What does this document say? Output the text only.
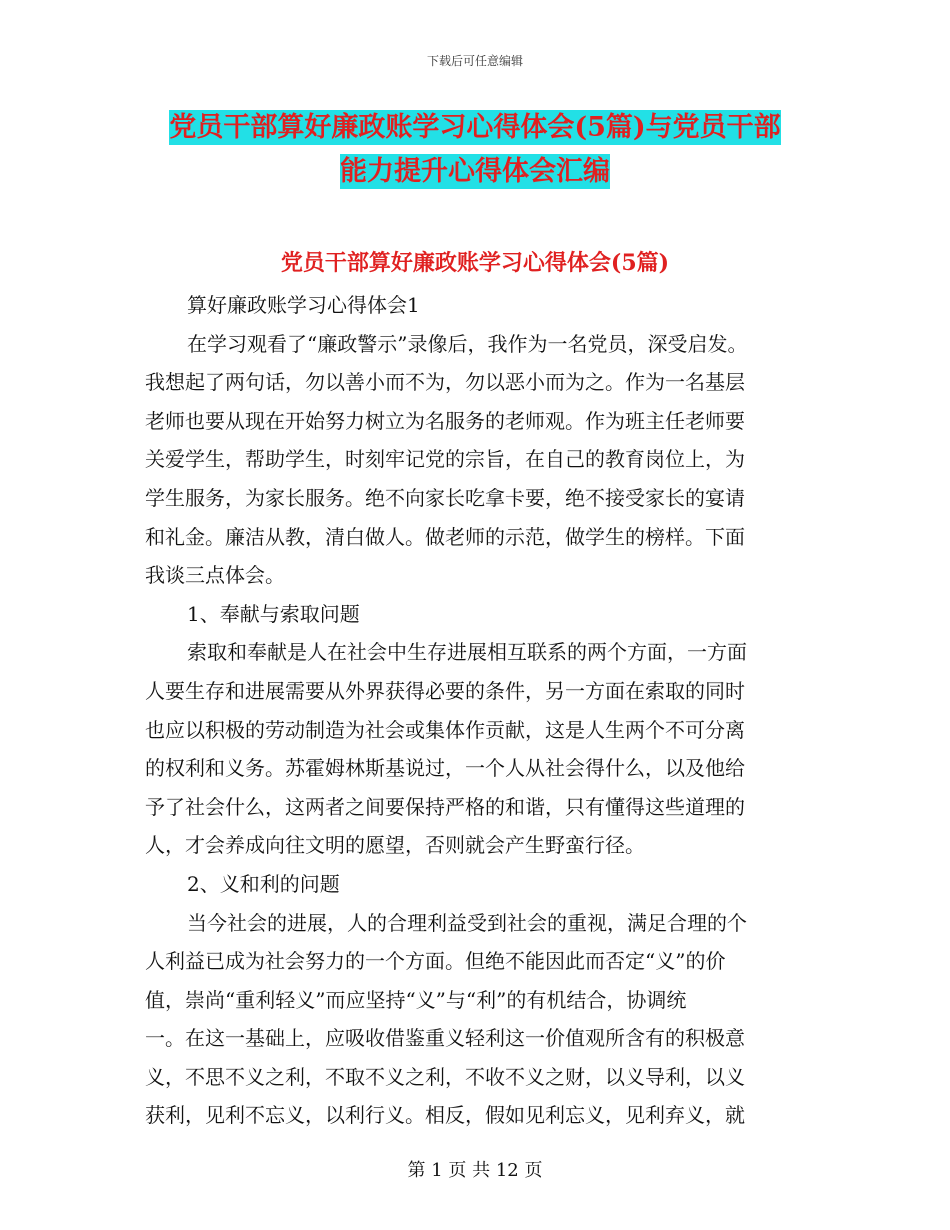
下载后可任意编辑
党员干部算好廉政账学习心得体会(5篇)与党员干部
能力提升心得体会汇编
党员干部算好廉政账学习心得体会(5篇)
算好廉政账学习心得体会1
在学习观看了“廉政警示”录像后，我作为一名党员，深受启发。
我想起了两句话，勿以善小而不为，勿以恶小而为之。作为一名基层
老师也要从现在开始努力树立为名服务的老师观。作为班主任老师要
关爱学生，帮助学生，时刻牢记党的宗旨，在自己的教育岗位上，为
学生服务，为家长服务。绝不向家长吃拿卡要，绝不接受家长的宴请
和礼金。廉洁从教，清白做人。做老师的示范，做学生的榜样。下面
我谈三点体会。
1、奉献与索取问题
索取和奉献是人在社会中生存进展相互联系的两个方面，一方面
人要生存和进展需要从外界获得必要的条件，另一方面在索取的同时
也应以积极的劳动制造为社会或集体作贡献，这是人生两个不可分离
的权利和义务。苏霍姆林斯基说过，一个人从社会得什么，以及他给
予了社会什么，这两者之间要保持严格的和谐，只有懂得这些道理的
人，才会养成向往文明的愿望，否则就会产生野蛮行径。
2、义和利的问题
当今社会的进展，人的合理利益受到社会的重视，满足合理的个
人利益已成为社会努力的一个方面。但绝不能因此而否定“义”的价
值，崇尚“重利轻义”而应坚持“义”与“利”的有机结合，协调统
一。在这一基础上，应吸收借鉴重义轻利这一价值观所含有的积极意
义，不思不义之利，不取不义之利，不收不义之财，以义导利，以义
获利，见利不忘义，以利行义。相反，假如见利忘义，见利弃义，就
第 1 页 共 12 页
